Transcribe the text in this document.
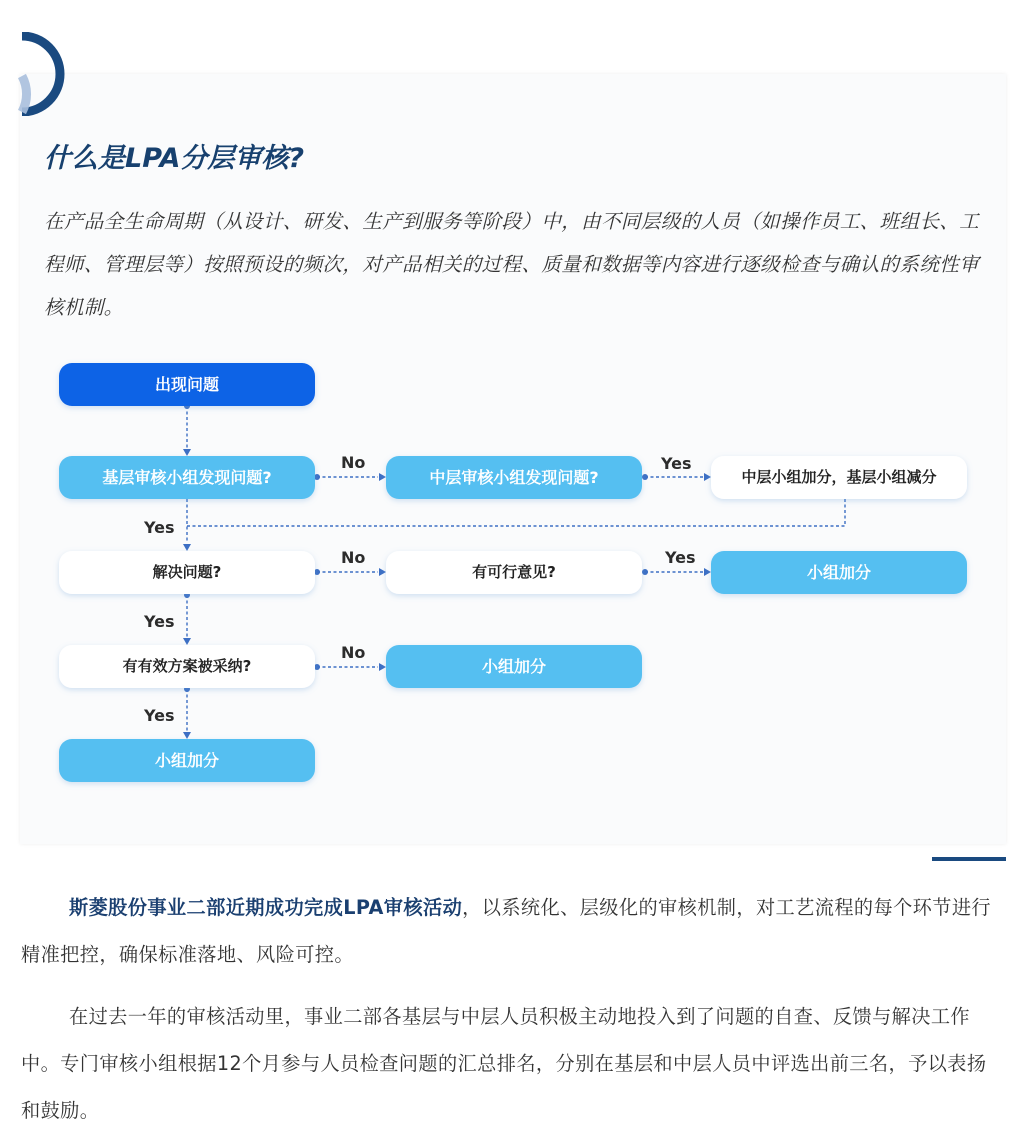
什么是LPA分层审核?

在产品全生命周期（从设计、研发、生产到服务等阶段）中，由不同层级的人员（如操作员工、班组长、工程师、管理层等）按照预设的频次，对产品相关的过程、质量和数据等内容进行逐级检查与确认的系统性审核机制。

出现问题
基层审核小组发现问题?	中层审核小组发现问题?	中层小组加分，基层小组减分
解决问题?	有可行意见?	小组加分
有有效方案被采纳?	小组加分
小组加分
No	Yes
Yes
No	Yes
Yes
No
Yes

斯菱股份事业二部近期成功完成LPA审核活动，以系统化、层级化的审核机制，对工艺流程的每个环节进行精准把控，确保标准落地、风险可控。

在过去一年的审核活动里，事业二部各基层与中层人员积极主动地投入到了问题的自查、反馈与解决工作中。专门审核小组根据12个月参与人员检查问题的汇总排名，分别在基层和中层人员中评选出前三名，予以表扬和鼓励。
